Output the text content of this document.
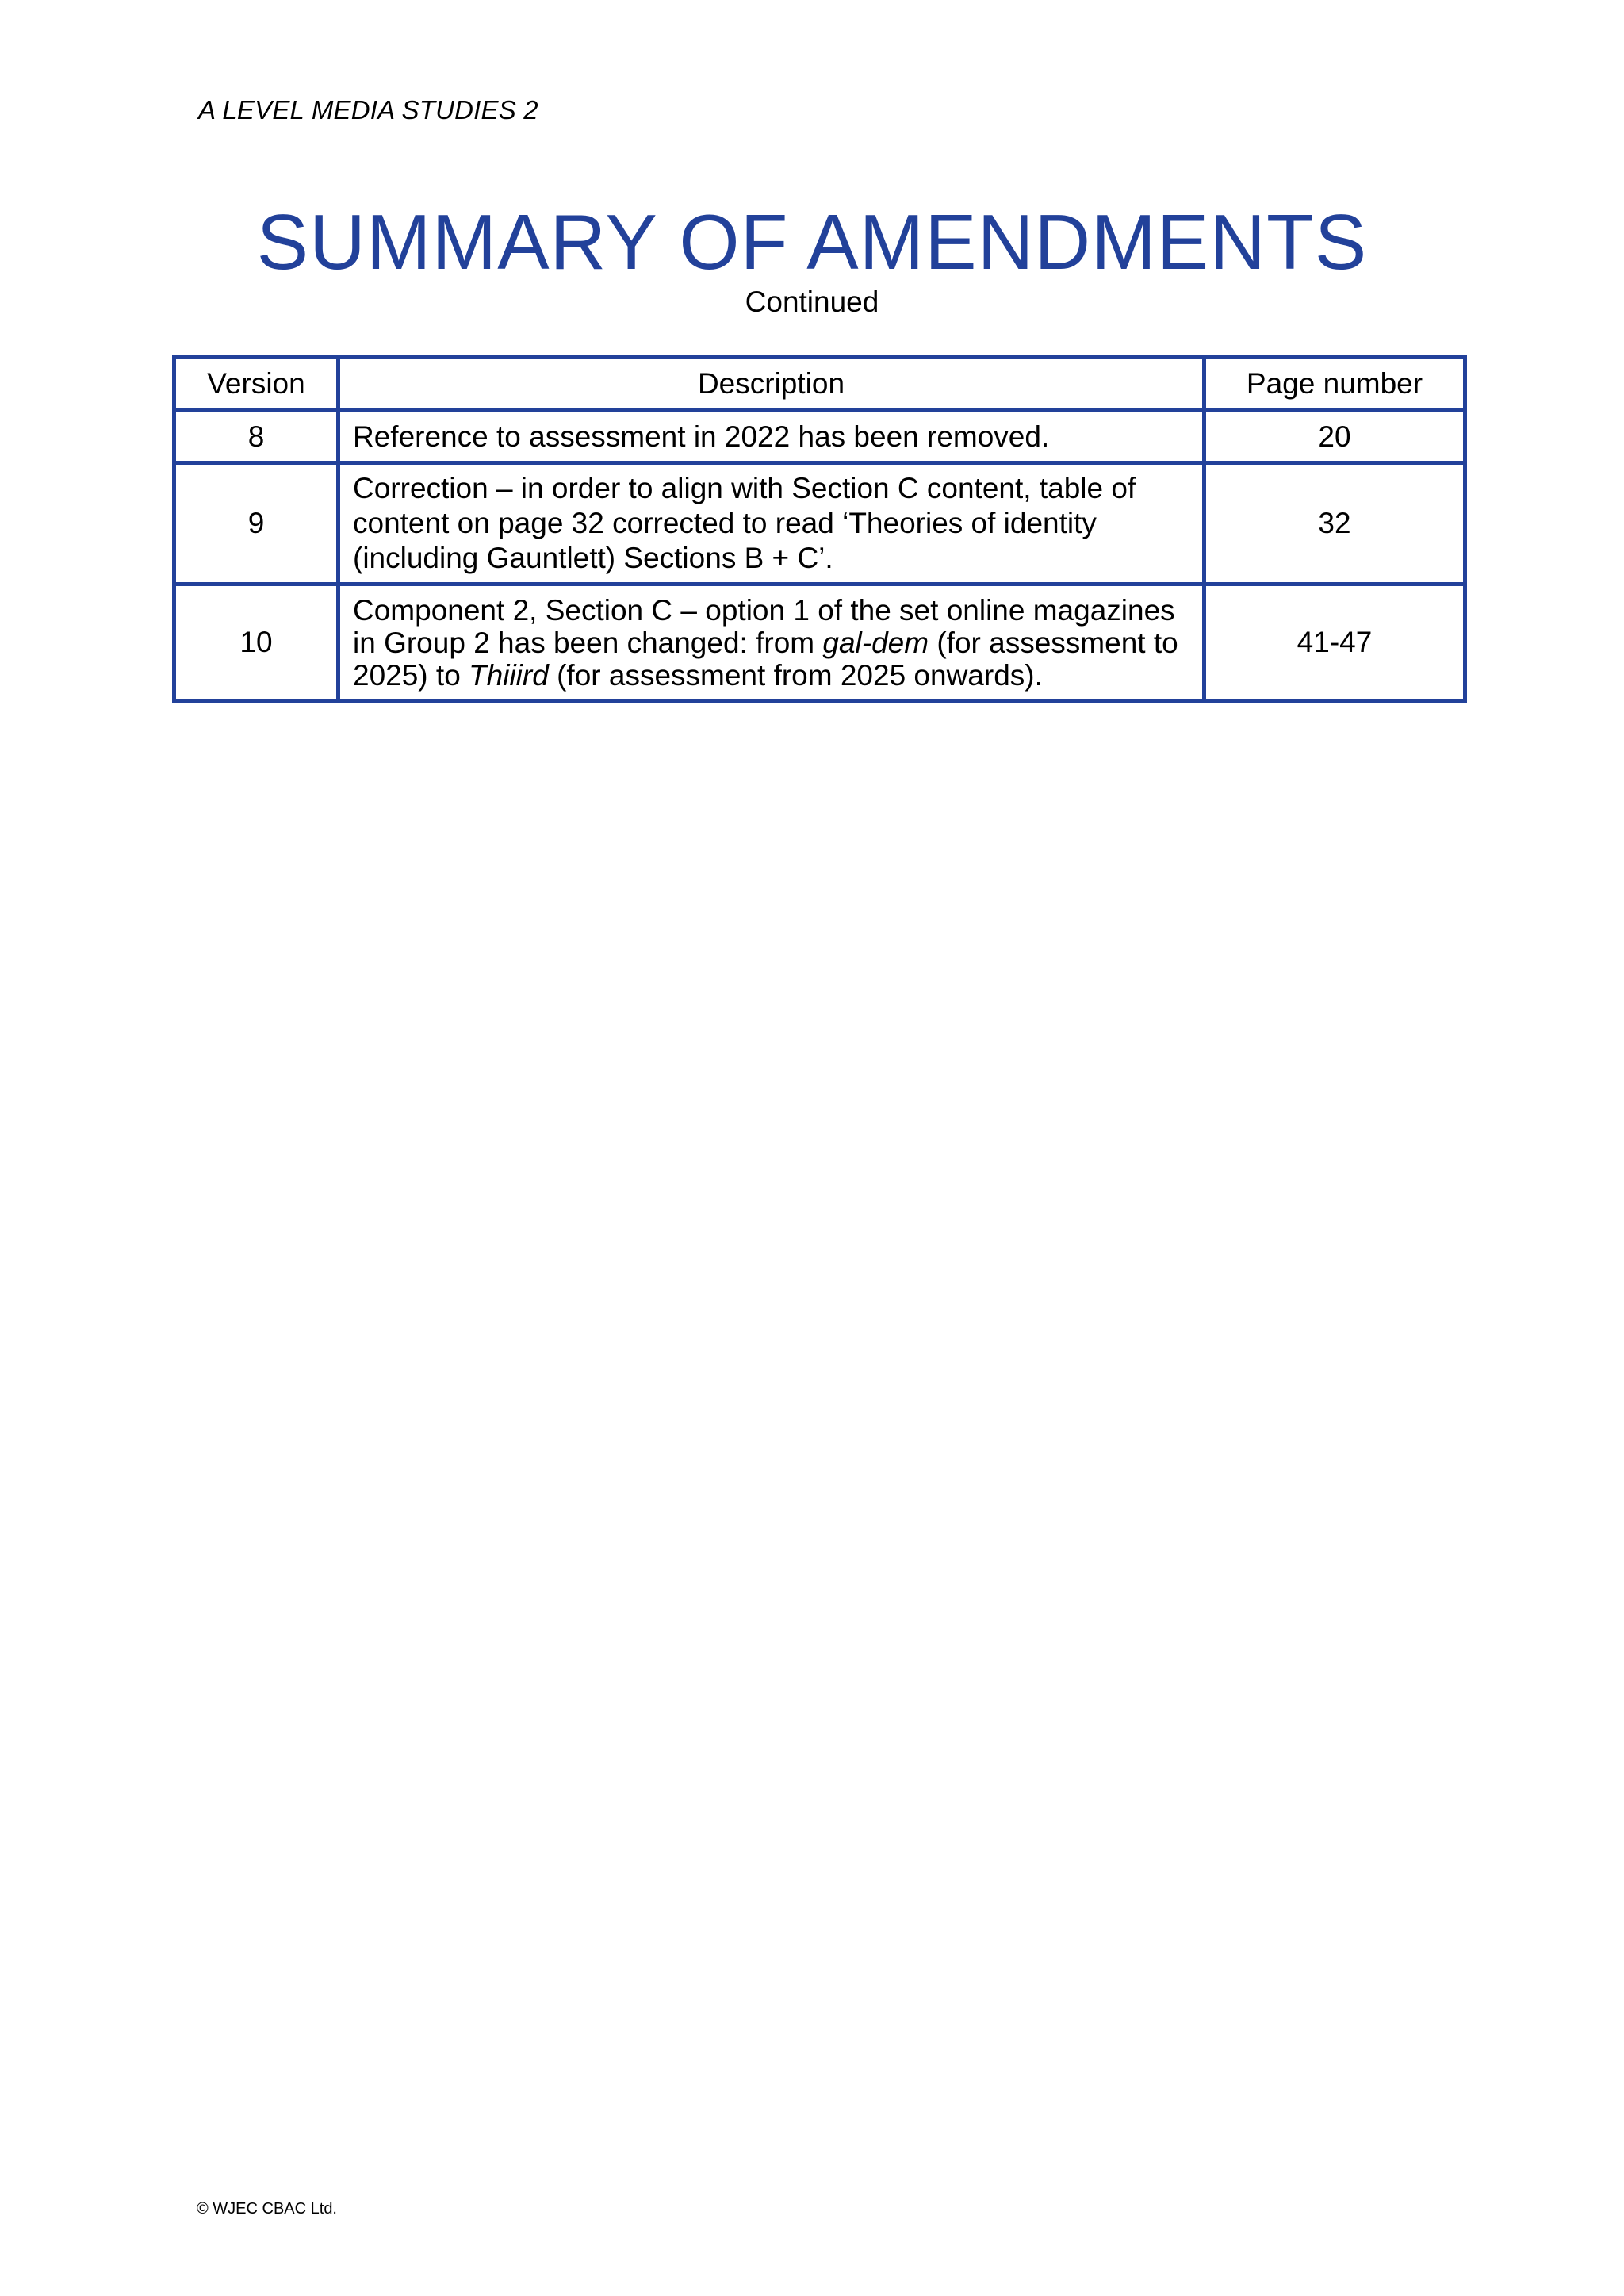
A LEVEL MEDIA STUDIES 2
SUMMARY OF AMENDMENTS
Continued
Version	Description	Page number
8	Reference to assessment in 2022 has been removed.	20
9	Correction – in order to align with Section C content, table of content on page 32 corrected to read ‘Theories of identity (including Gauntlett) Sections B + C’.	32
10	Component 2, Section C – option 1 of the set online magazines in Group 2 has been changed: from gal-dem (for assessment to 2025) to Thiiird (for assessment from 2025 onwards).	41-47
© WJEC CBAC Ltd.
